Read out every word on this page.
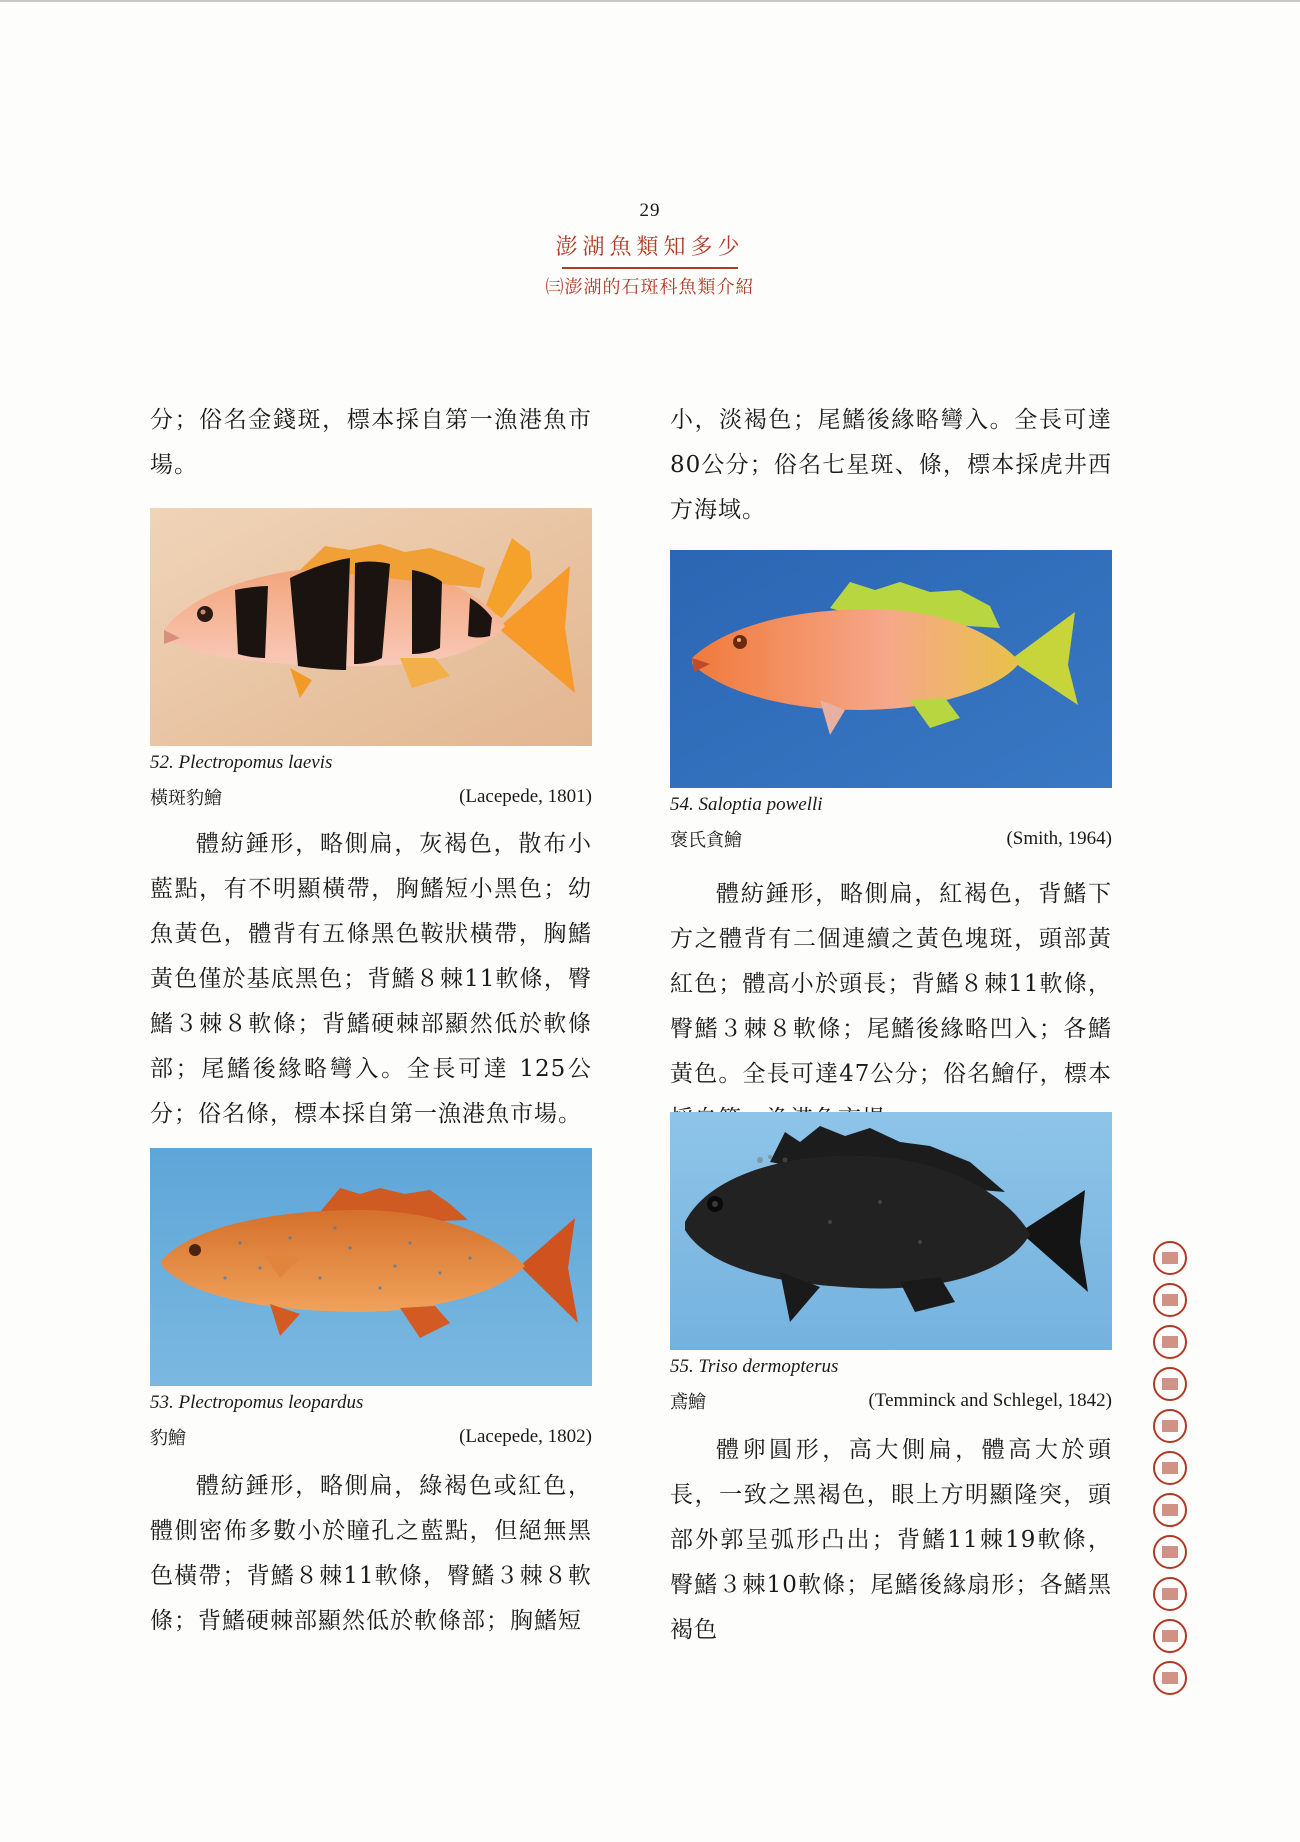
29
澎湖魚類知多少
㈢澎湖的石斑科魚類介紹
分；俗名金錢斑，標本採自第一漁港魚市場。
52. Plectropomus laevis
橫斑豹鱠	(Lacepede, 1801)
體紡錘形，略側扁，灰褐色，散布小藍點，有不明顯橫帶，胸鰭短小黑色；幼魚黃色，體背有五條黑色鞍狀橫帶，胸鰭黃色僅於基底黑色；背鰭８棘11軟條，臀鰭３棘８軟條；背鰭硬棘部顯然低於軟條部；尾鰭後緣略彎入。全長可達 125公分；俗名條，標本採自第一漁港魚市場。
53. Plectropomus leopardus
豹鱠	(Lacepede, 1802)
體紡錘形，略側扁，綠褐色或紅色，體側密佈多數小於瞳孔之藍點，但絕無黑色橫帶；背鰭８棘11軟條，臀鰭３棘８軟條；背鰭硬棘部顯然低於軟條部；胸鰭短
小，淡褐色；尾鰭後緣略彎入。全長可達80公分；俗名七星斑、條，標本採虎井西方海域。
54. Saloptia powelli
褒氏貪鱠	(Smith, 1964)
體紡錘形，略側扁，紅褐色，背鰭下方之體背有二個連續之黃色塊斑，頭部黃紅色；體高小於頭長；背鰭８棘11軟條，臀鰭３棘８軟條；尾鰭後緣略凹入；各鰭黃色。全長可達47公分；俗名鱠仔，標本
55. Triso dermopterus
鳶鱠	(Temminck and Schlegel, 1842)
體卵圓形，高大側扁，體高大於頭長，一致之黑褐色，眼上方明顯隆突，頭部外郭呈弧形凸出；背鰭11棘19軟條，臀鰭３棘10軟條；尾鰭後緣扇形；各鰭黑褐色
